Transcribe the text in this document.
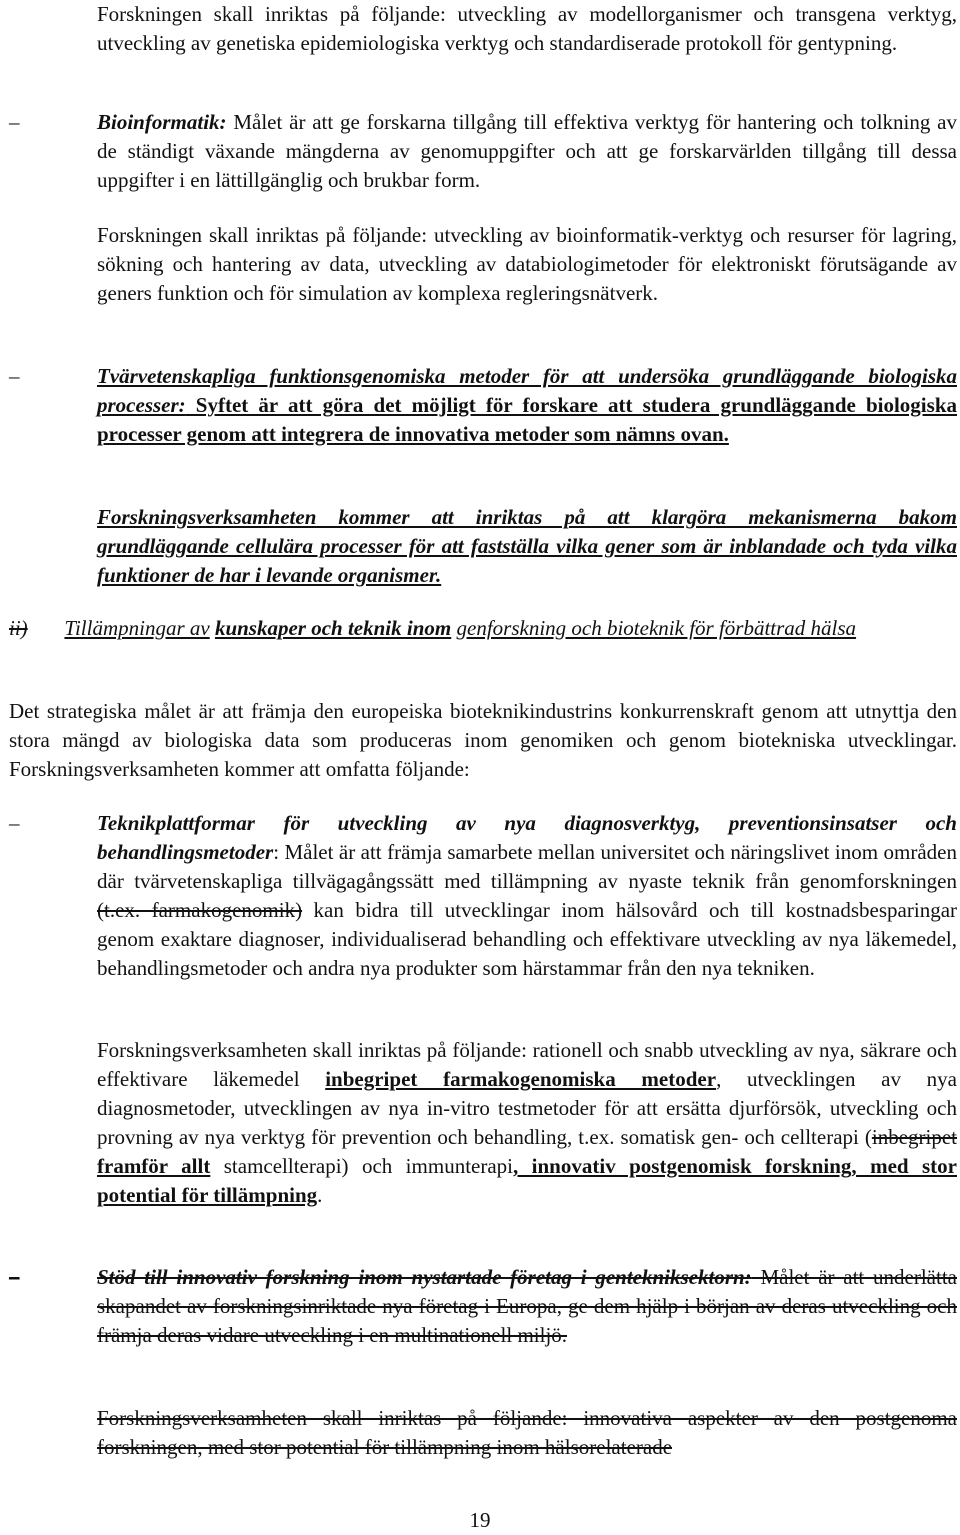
Forskningen skall inriktas på följande: utveckling av modellorganismer och transgena verktyg, utveckling av genetiska epidemiologiska verktyg och standardiserade protokoll för gentypning.
–	Bioinformatik: Målet är att ge forskarna tillgång till effektiva verktyg för hantering och tolkning av de ständigt växande mängderna av genomuppgifter och att ge forskarvärlden tillgång till dessa uppgifter i en lättillgänglig och brukbar form.
Forskningen skall inriktas på följande: utveckling av bioinformatik-verktyg och resurser för lagring, sökning och hantering av data, utveckling av databiologimetoder för elektroniskt förutsägande av geners funktion och för simulation av komplexa regleringsnätverk.
–	Tvärvetenskapliga funktionsgenomiska metoder för att undersöka grundläggande biologiska processer: Syftet är att göra det möjligt för forskare att studera grundläggande biologiska processer genom att integrera de innovativa metoder som nämns ovan.
Forskningsverksamheten kommer att inriktas på att klargöra mekanismerna bakom grundläggande cellulära processer för att fastställa vilka gener som är inblandade och tyda vilka funktioner de har i levande organismer.
ii) Tillämpningar av kunskaper och teknik inom genforskning och bioteknik för förbättrad hälsa
Det strategiska målet är att främja den europeiska bioteknikindustrins konkurrenskraft genom att utnyttja den stora mängd av biologiska data som produceras inom genomiken och genom biotekniska utvecklingar. Forskningsverksamheten kommer att omfatta följande:
–	Teknikplattformar för utveckling av nya diagnosverktyg, preventionsinsatser och behandlingsmetoder: Målet är att främja samarbete mellan universitet och näringslivet inom områden där tvärvetenskapliga tillvägagångssätt med tillämpning av nyaste teknik från genomforskningen (t.ex. farmakogenomik) kan bidra till utvecklingar inom hälsovård och till kostnadsbesparingar genom exaktare diagnoser, individualiserad behandling och effektivare utveckling av nya läkemedel, behandlingsmetoder och andra nya produkter som härstammar från den nya tekniken.
Forskningsverksamheten skall inriktas på följande: rationell och snabb utveckling av nya, säkrare och effektivare läkemedel inbegripet farmakogenomiska metoder, utvecklingen av nya diagnosmetoder, utvecklingen av nya in-vitro testmetoder för att ersätta djurförsök, utveckling och provning av nya verktyg för prevention och behandling, t.ex. somatisk gen- och cellterapi (inbegripet framför allt stamcellterapi) och immunterapi, innovativ postgenomisk forskning, med stor potential för tillämpning.
–	Stöd till innovativ forskning inom nystartade företag i gentekniksektorn: Målet är att underlätta skapandet av forskningsinriktade nya företag i Europa, ge dem hjälp i början av deras utveckling och främja deras vidare utveckling i en multinationell miljö.
Forskningsverksamheten skall inriktas på följande: innovativa aspekter av den postgenoma forskningen, med stor potential för tillämpning inom hälsorelaterade
19
